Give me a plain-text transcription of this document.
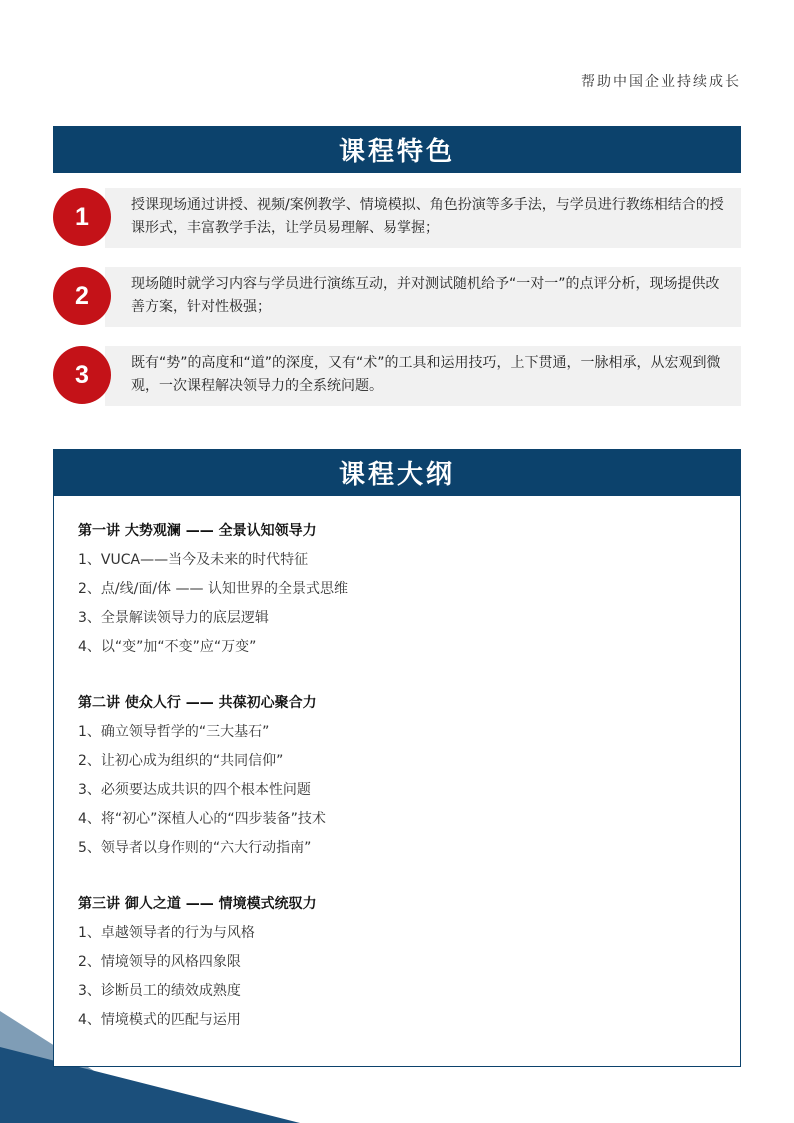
帮助中国企业持续成长
课程特色
授课现场通过讲授、视频/案例教学、情境模拟、角色扮演等多手法，与学员进行教练相结合的授课形式，丰富教学手法，让学员易理解、易掌握；
1
现场随时就学习内容与学员进行演练互动，并对测试随机给予“一对一”的点评分析，现场提供改善方案，针对性极强；
2
既有“势”的高度和“道”的深度，又有“术”的工具和运用技巧，上下贯通，一脉相承，从宏观到微观，一次课程解决领导力的全系统问题。
3
课程大纲
第一讲 大势观澜 —— 全景认知领导力
1、VUCA——当今及未来的时代特征
2、点/线/面/体 —— 认知世界的全景式思维
3、全景解读领导力的底层逻辑
4、以“变”加“不变”应“万变”
第二讲 使众人行 —— 共葆初心聚合力
1、确立领导哲学的“三大基石”
2、让初心成为组织的“共同信仰”
3、必须要达成共识的四个根本性问题
4、将“初心”深植人心的“四步装备”技术
5、领导者以身作则的“六大行动指南”
第三讲 御人之道 —— 情境模式统驭力
1、卓越领导者的行为与风格
2、情境领导的风格四象限
3、诊断员工的绩效成熟度
4、情境模式的匹配与运用
